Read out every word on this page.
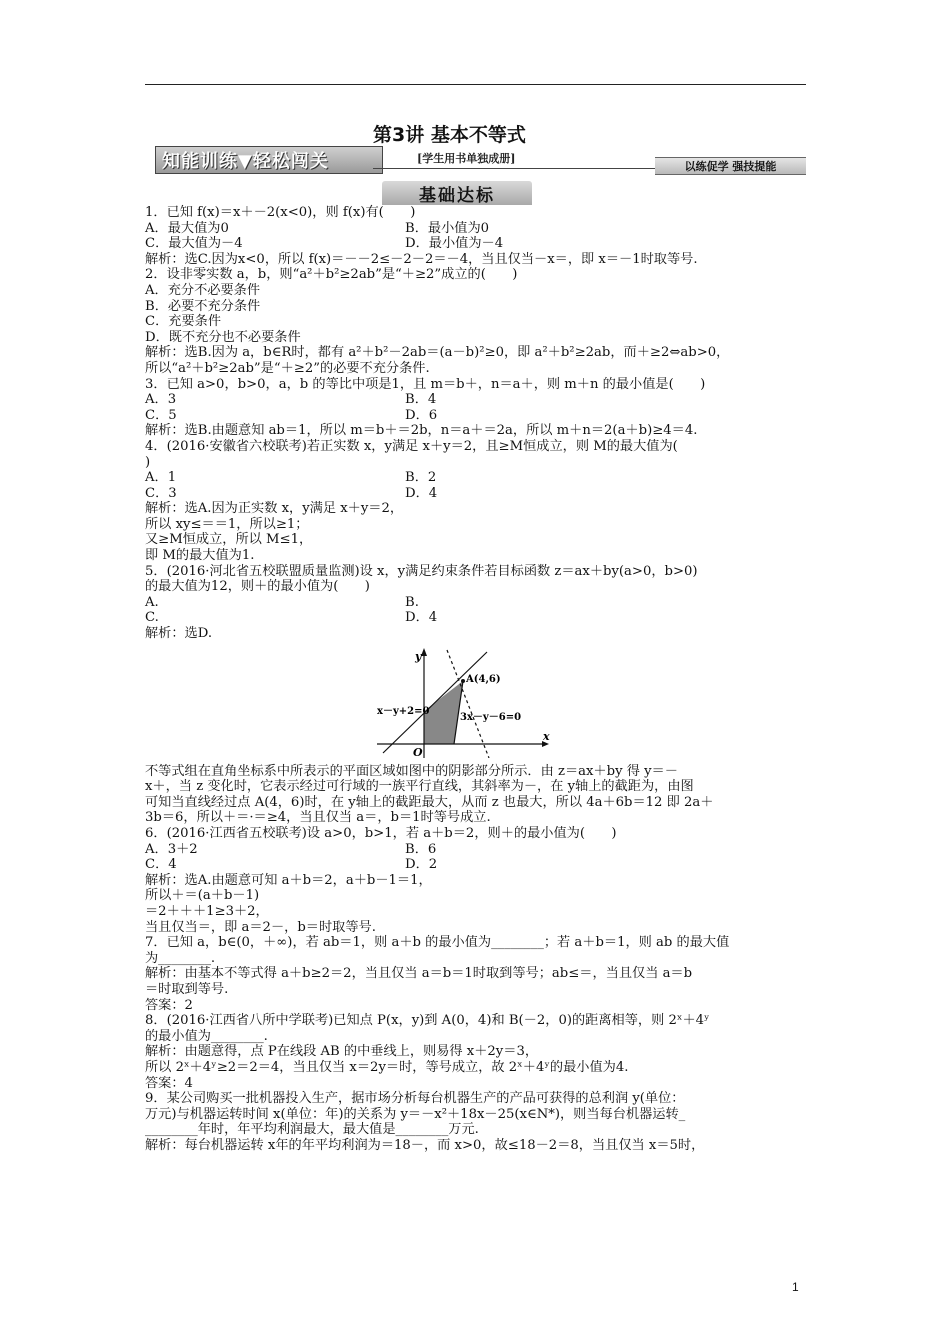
第3讲 基本不等式
知能训练▼轻松闯关	[学生用书单独成册]
以练促学 强技提能
基础达标
1．已知 f(x)＝x＋－2(x<0)，则 f(x)有(　　)
A．最大值为0	B．最小值为0
C．最大值为－4	D．最小值为－4
解析：选C.因为x<0，所以 f(x)＝－－2≤－2－2＝－4，当且仅当－x＝，即 x＝－1时取等号.
2．设非零实数 a，b，则“a²＋b²≥2ab”是“＋≥2”成立的(　　)
A．充分不必要条件
B．必要不充分条件
C．充要条件
D．既不充分也不必要条件
解析：选B.因为 a，b∈R时，都有 a²＋b²－2ab＝(a－b)²≥0，即 a²＋b²≥2ab，而＋≥2⇔ab>0，
所以“a²＋b²≥2ab”是“＋≥2”的必要不充分条件.
3．已知 a>0，b>0，a，b 的等比中项是1，且 m＝b＋，n＝a＋，则 m＋n 的最小值是(　　)
A．3	B．4
C．5	D．6
解析：选B.由题意知 ab＝1，所以 m＝b＋＝2b，n＝a＋＝2a，所以 m＋n＝2(a＋b)≥4＝4.
4．(2016·安徽省六校联考)若正实数 x，y满足 x＋y＝2，且≥M恒成立，则 M的最大值为(
)
A．1	B．2
C．3	D．4
解析：选A.因为正实数 x，y满足 x＋y＝2，
所以 xy≤＝＝1，所以≥1；
又≥M恒成立，所以 M≤1，
即 M的最大值为1.
5．(2016·河北省五校联盟质量监测)设 x，y满足约束条件若目标函数 z＝ax＋by(a>0，b>0)
的最大值为12，则＋的最小值为(　　)
A.	B.
C.	D．4
解析：选D.
y
x
O
A(4,6)
x－y+2=0
3x－y－6=0
不等式组在直角坐标系中所表示的平面区域如图中的阴影部分所示．由 z＝ax＋by 得 y＝－
x＋，当 z 变化时，它表示经过可行域的一族平行直线，其斜率为－，在 y轴上的截距为，由图
可知当直线经过点 A(4，6)时，在 y轴上的截距最大，从而 z 也最大，所以 4a＋6b＝12 即 2a＋
3b＝6，所以＋＝·＝≥4，当且仅当 a＝，b＝1时等号成立.
6．(2016·江西省五校联考)设 a>0，b>1，若 a＋b＝2，则＋的最小值为(　　)
A．3＋2	B．6
C．4	D．2
解析：选A.由题意可知 a＋b＝2，a＋b－1＝1，
所以＋＝(a＋b－1)
＝2＋＋＋1≥3＋2，
当且仅当＝，即 a＝2－，b＝时取等号.
7．已知 a，b∈(0，＋∞)，若 ab＝1，则 a＋b 的最小值为________；若 a＋b＝1，则 ab 的最大值
为________.
解析：由基本不等式得 a＋b≥2＝2，当且仅当 a＝b＝1时取到等号；ab≤＝，当且仅当 a＝b
＝时取到等号.
答案：2　
8．(2016·江西省八所中学联考)已知点 P(x，y)到 A(0，4)和 B(－2，0)的距离相等，则 2ˣ＋4ʸ
的最小值为________.
解析：由题意得，点 P在线段 AB 的中垂线上，则易得 x＋2y＝3，
所以 2ˣ＋4ʸ≥2＝2＝4，当且仅当 x＝2y＝时，等号成立，故 2ˣ＋4ʸ的最小值为4.
答案：4
9．某公司购买一批机器投入生产，据市场分析每台机器生产的产品可获得的总利润 y(单位：
万元)与机器运转时间 x(单位：年)的关系为 y＝－x²＋18x－25(x∈N*)，则当每台机器运转_
________年时，年平均利润最大，最大值是________万元.
解析：每台机器运转 x年的年平均利润为＝18－，而 x>0，故≤18－2＝8，当且仅当 x＝5时，
1
